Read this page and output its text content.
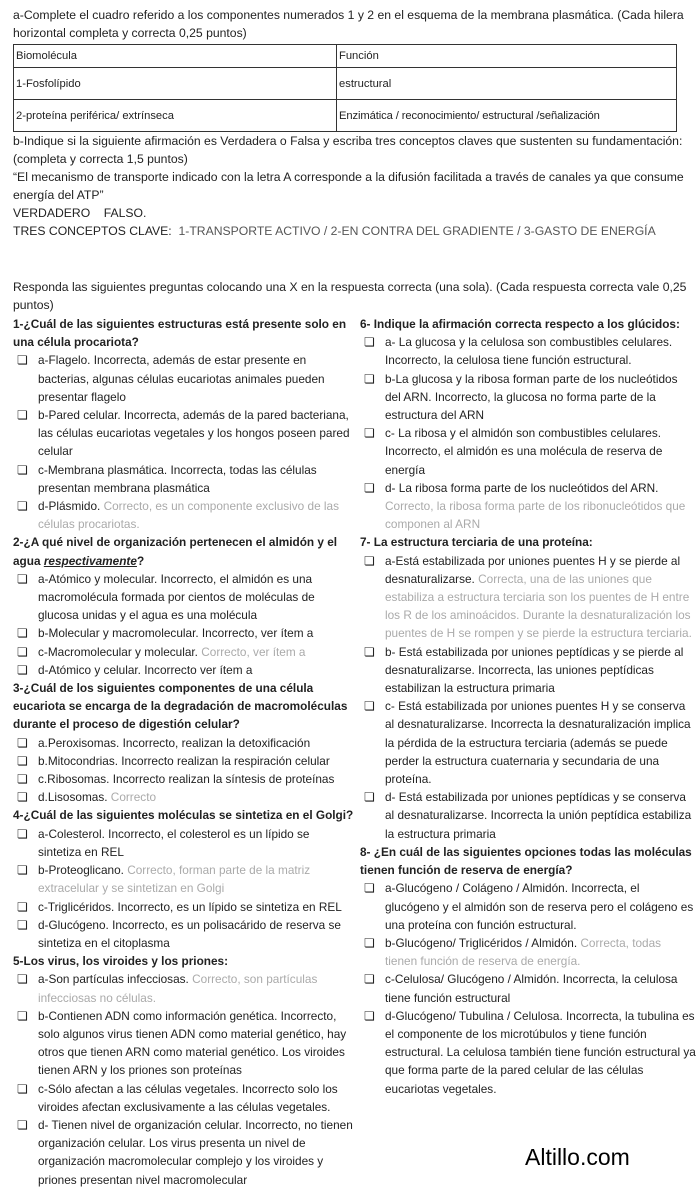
a-Complete el cuadro referido a los componentes numerados 1 y 2 en el esquema de la membrana plasmática. (Cada hilera horizontal completa y correcta 0,25 puntos)

Biomolécula	Función
1-Fosfolípido	estructural
2-proteína periférica/ extrínseca	Enzimática / reconocimiento/ estructural /señalización

b-Indique si la siguiente afirmación es Verdadera o Falsa y escriba tres conceptos claves que sustenten su fundamentación: (completa y correcta 1,5 puntos)

“El mecanismo de transporte indicado con la letra A corresponde a la difusión facilitada a través de canales ya que consume energía del ATP”

VERDADERO FALSO.

TRES CONCEPTOS CLAVE: 1-TRANSPORTE ACTIVO / 2-EN CONTRA DEL GRADIENTE / 3-GASTO DE ENERGÍA

Responda las siguientes preguntas colocando una X en la respuesta correcta (una sola). (Cada respuesta correcta vale 0,25 puntos)

1-¿Cuál de las siguientes estructuras está presente solo en una célula procariota?
❏ a-Flagelo. Incorrecta, además de estar presente en bacterias, algunas células eucariotas animales pueden presentar flagelo
❏ b-Pared celular. Incorrecta, además de la pared bacteriana, las células eucariotas vegetales y los hongos poseen pared celular
❏ c-Membrana plasmática. Incorrecta, todas las células presentan membrana plasmática
❏ d-Plásmido. Correcto, es un componente exclusivo de las células procariotas.
2-¿A qué nivel de organización pertenecen el almidón y el agua respectivamente?
❏ a-Atómico y molecular. Incorrecto, el almidón es una macromolécula formada por cientos de moléculas de glucosa unidas y el agua es una molécula
❏ b-Molecular y macromolecular. Incorrecto, ver ítem a
❏ c-Macromolecular y molecular. Correcto, ver ítem a
❏ d-Atómico y celular. Incorrecto ver ítem a
3-¿Cuál de los siguientes componentes de una célula eucariota se encarga de la degradación de macromoléculas durante el proceso de digestión celular?
❏ a.Peroxisomas. Incorrecto, realizan la detoxificación
❏ b.Mitocondrias. Incorrecto realizan la respiración celular
❏ c.Ribosomas. Incorrecto realizan la síntesis de proteínas
❏ d.Lisosomas. Correcto
4-¿Cuál de las siguientes moléculas se sintetiza en el Golgi?
❏ a-Colesterol. Incorrecto, el colesterol es un lípido se sintetiza en REL
❏ b-Proteoglicano. Correcto, forman parte de la matriz extracelular y se sintetizan en Golgi
❏ c-Triglicéridos. Incorrecto, es un lípido se sintetiza en REL
❏ d-Glucógeno. Incorrecto, es un polisacárido de reserva se sintetiza en el citoplasma
5-Los virus, los viroides y los priones:
❏ a-Son partículas infecciosas. Correcto, son partículas infecciosas no células.
❏ b-Contienen ADN como información genética. Incorrecto, solo algunos virus tienen ADN como material genético, hay otros que tienen ARN como material genético. Los viroides tienen ARN y los priones son proteínas
❏ c-Sólo afectan a las células vegetales. Incorrecto solo los viroides afectan exclusivamente a las células vegetales.
❏ d- Tienen nivel de organización celular. Incorrecto, no tienen organización celular. Los virus presenta un nivel de organización macromolecular complejo y los viroides y priones presentan nivel macromolecular
6- Indique la afirmación correcta respecto a los glúcidos:
❏ a- La glucosa y la celulosa son combustibles celulares. Incorrecto, la celulosa tiene función estructural.
❏ b-La glucosa y la ribosa forman parte de los nucleótidos del ARN. Incorrecto, la glucosa no forma parte de la estructura del ARN
❏ c- La ribosa y el almidón son combustibles celulares. Incorrecto, el almidón es una molécula de reserva de energía
❏ d- La ribosa forma parte de los nucleótidos del ARN. Correcto, la ribosa forma parte de los ribonucleótidos que componen al ARN
7- La estructura terciaria de una proteína:
❏ a-Está estabilizada por uniones puentes H y se pierde al desnaturalizarse. Correcta, una de las uniones que estabiliza a estructura terciaria son los puentes de H entre los R de los aminoácidos. Durante la desnaturalización los puentes de H se rompen y se pierde la estructura terciaria.
❏ b- Está estabilizada por uniones peptídicas y se pierde al desnaturalizarse. Incorrecta, las uniones peptídicas estabilizan la estructura primaria
❏ c- Está estabilizada por uniones puentes H y se conserva al desnaturalizarse. Incorrecta la desnaturalización implica la pérdida de la estructura terciaria (además se puede perder la estructura cuaternaria y secundaria de una proteína.
❏ d- Está estabilizada por uniones peptídicas y se conserva al desnaturalizarse. Incorrecta la unión peptídica estabiliza la estructura primaria
8- ¿En cuál de las siguientes opciones todas las moléculas tienen función de reserva de energía?
❏ a-Glucógeno / Colágeno / Almidón. Incorrecta, el glucógeno y el almidón son de reserva pero el colágeno es una proteína con función estructural.
❏ b-Glucógeno/ Triglicéridos / Almidón. Correcta, todas tienen función de reserva de energía.
❏ c-Celulosa/ Glucógeno / Almidón. Incorrecta, la celulosa tiene función estructural
❏ d-Glucógeno/ Tubulina / Celulosa. Incorrecta, la tubulina es el componente de los microtúbulos y tiene función estructural. La celulosa también tiene función estructural ya que forma parte de la pared celular de las células eucariotas vegetales.
Altillo.com
